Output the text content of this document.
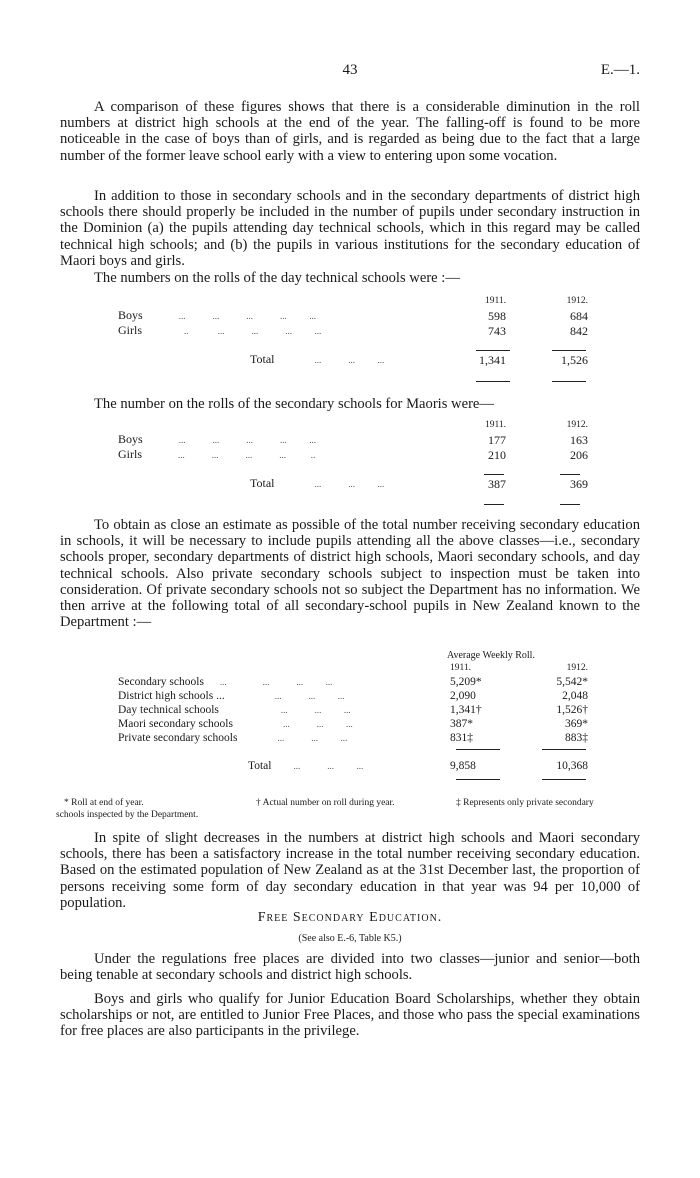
43	E.—1.

A comparison of these figures shows that there is a considerable diminution in the roll numbers at district high schools at the end of the year. The falling-off is found to be more noticeable in the case of boys than of girls, and is regarded as being due to the fact that a large number of the former leave school early with a view to entering upon some vocation.

In addition to those in secondary schools and in the secondary departments of district high schools there should properly be included in the number of pupils under secondary instruction in the Dominion (a) the pupils attending day technical schools, which in this regard may be called technical high schools; and (b) the pupils in various institutions for the secondary education of Maori boys and girls.

The numbers on the rolls of the day technical schools were :—
	1911.	1912.
Boys ...            ...            ...            ...          ...	598	684
Girls ..             ...            ...            ...          ...	743	842

Total ...            ...          ...	1,341	1,526
The number on the rolls of the secondary schools for Maoris were—
	1911.	1912.
Boys ...            ...            ...            ...          ...	177	163
Girls ...            ...            ...            ...           ..	210	206

Total ...            ...          ...	387	369

To obtain as close an estimate as possible of the total number receiving secondary education in schools, it will be necessary to include pupils attending all the above classes—i.e., secondary schools proper, secondary departments of district high schools, Maori secondary schools, and day technical schools. Also private secondary schools subject to inspection must be taken into consideration. Of private secondary schools not so subject the Department has no information. We then arrive at the following total of all secondary-school pupils in New Zealand known to the Department :—

Average Weekly Roll.
	1911.	1912.
Secondary schools ...                ...            ...          ...	5,209*	5,542*
District high schools ... ...            ...          ...	2,090	2,048
Day technical schools ...            ...          ...	1,341†	1,526†
Maori secondary schools ...            ...          ...	387*	369*
Private secondary schools ...            ...          ...	831‡	883‡

Total ...            ...          ...	9,858	10,368
* Roll at end of year.	† Actual number on roll during year.	‡ Represents only private secondary
schools inspected by the Department.

In spite of slight decreases in the numbers at district high schools and Maori secondary schools, there has been a satisfactory increase in the total number receiving secondary education. Based on the estimated population of New Zealand as at the 31st December last, the proportion of persons receiving some form of day secondary education in that year was 94 per 10,000 of population.

Free Secondary Education.
(See also E.-6, Table K5.)

Under the regulations free places are divided into two classes—junior and senior—both being tenable at secondary schools and district high schools.

Boys and girls who qualify for Junior Education Board Scholarships, whether they obtain scholarships or not, are entitled to Junior Free Places, and those who pass the special examinations for free places are also participants in the privilege.
